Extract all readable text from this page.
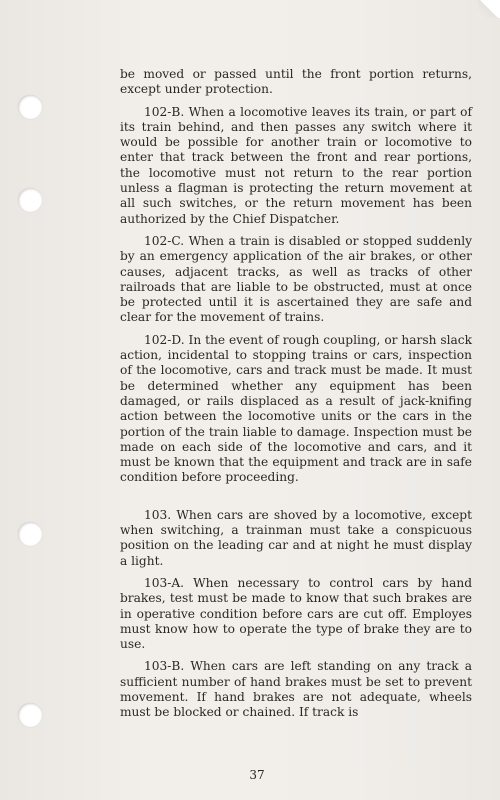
be moved or passed until the front portion returns, except under protection.

102-B. When a locomotive leaves its train, or part of its train behind, and then passes any switch where it would be possible for another train or locomotive to enter that track between the front and rear portions, the locomotive must not return to the rear portion unless a flagman is protecting the return movement at all such switches, or the return movement has been authorized by the Chief Dispatcher.

102-C. When a train is disabled or stopped suddenly by an emergency application of the air brakes, or other causes, adjacent tracks, as well as tracks of other railroads that are liable to be obstructed, must at once be protected until it is ascertained they are safe and clear for the movement of trains.

102-D. In the event of rough coupling, or harsh slack action, incidental to stopping trains or cars, inspection of the locomotive, cars and track must be made. It must be determined whether any equipment has been damaged, or rails displaced as a result of jack-knifing action between the locomotive units or the cars in the portion of the train liable to damage. Inspection must be made on each side of the locomotive and cars, and it must be known that the equipment and track are in safe condition before proceeding.

103. When cars are shoved by a locomotive, except when switching, a trainman must take a conspicuous position on the leading car and at night he must display a light.

103-A. When necessary to control cars by hand brakes, test must be made to know that such brakes are in operative condition before cars are cut off. Employes must know how to operate the type of brake they are to use.

103-B. When cars are left standing on any track a sufficient number of hand brakes must be set to prevent movement. If hand brakes are not adequate, wheels must be blocked or chained. If track is

37
